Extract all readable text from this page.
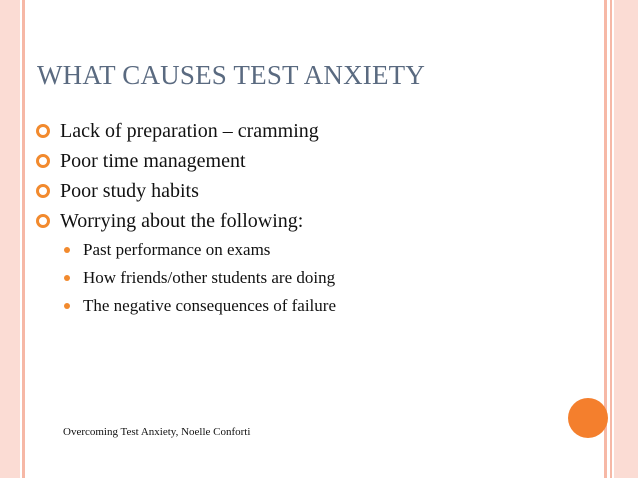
WHAT CAUSES TEST ANXIETY
Lack of preparation – cramming
Poor time management
Poor study habits
Worrying about the following:
Past performance on exams
How friends/other students are doing
The negative consequences of failure
Overcoming Test Anxiety, Noelle Conforti
